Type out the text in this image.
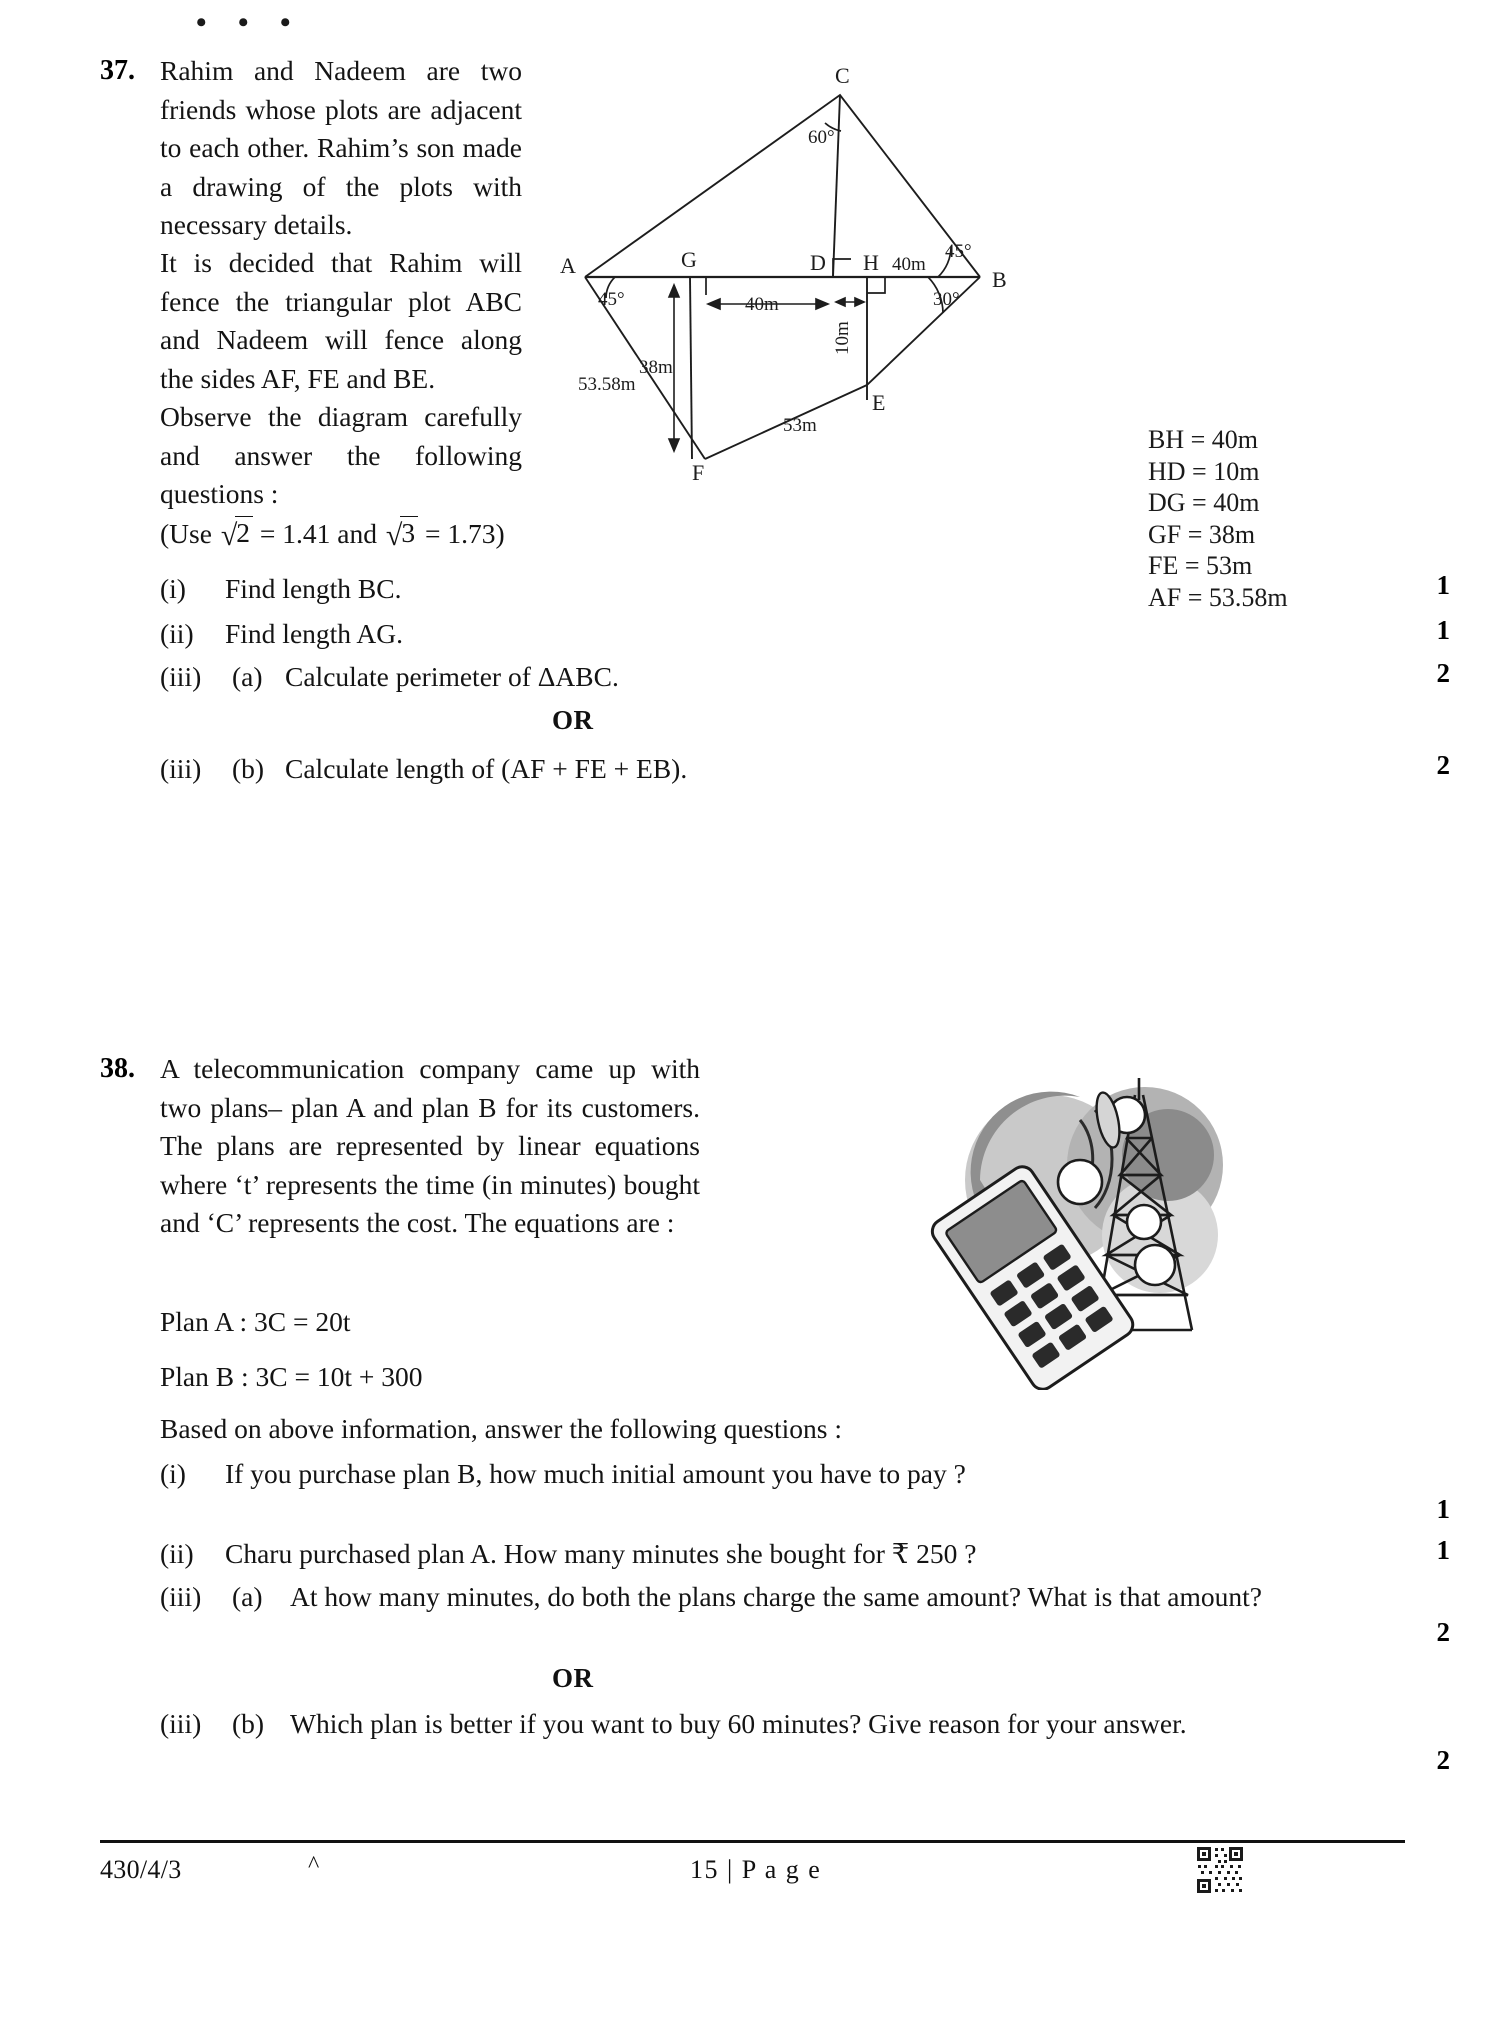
• • •
37. Rahim and Nadeem are two friends whose plots are adjacent to each other. Rahim’s son made a drawing of the plots with necessary details.
It is decided that Rahim will fence the triangular plot ABC and Nadeem will fence along the sides AF, FE and BE.
Observe the diagram carefully and answer the following questions :
(Use √2 = 1.41 and √3 = 1.73)
(i)	Find length BC.	1
(ii)	Find length AG.	1
(iii) (a) Calculate perimeter of ΔABC.	2
OR
(iii) (b) Calculate length of (AF + FE + EB).	2
A
B
C
D
E
F
G	H
45°
60°
45°
30°
40m
40m
38m
10m
53m
53.58m
BH = 40m
HD = 10m
DG = 40m
GF = 38m
FE = 53m
AF = 53.58m
38. A telecommunication company came up with two plans– plan A and plan B for its customers. The plans are represented by linear equations where ‘t’ represents the time (in minutes) bought and ‘C’ represents the cost. The equations are :
Plan A : 3C = 20t
Plan B : 3C = 10t + 300
Based on above information, answer the following questions :
(i)	If you purchase plan B, how much initial amount you have to pay ?
1
(ii)	Charu purchased plan A. How many minutes she bought for ₹ 250 ?	1
(iii) (a) At how many minutes, do both the plans charge the same amount? What is that amount?
2
OR
(iii) (b) Which plan is better if you want to buy 60 minutes? Give reason for your answer.
2
430/4/3	^	15 | P a g e
